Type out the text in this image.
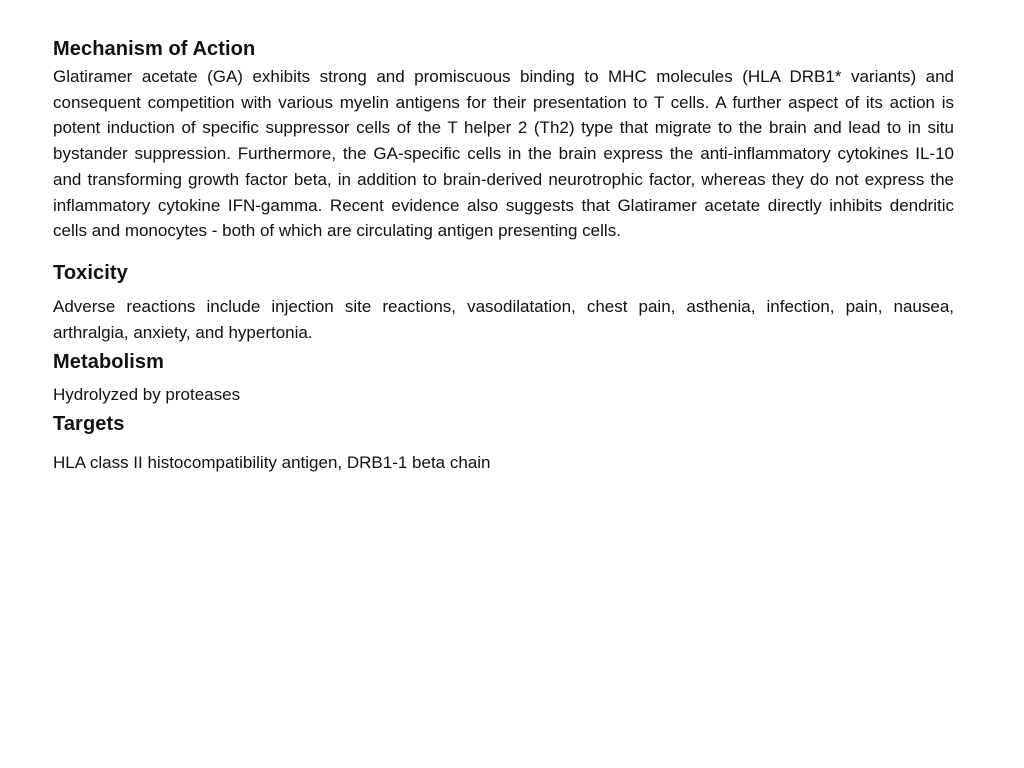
Mechanism of Action

Glatiramer acetate (GA) exhibits strong and promiscuous binding to MHC molecules (HLA DRB1* variants) and consequent competition with various myelin antigens for their presentation to T cells. A further aspect of its action is potent induction of specific suppressor cells of the T helper 2 (Th2) type that migrate to the brain and lead to in situ bystander suppression. Furthermore, the GA-specific cells in the brain express the anti-inflammatory cytokines IL-10 and transforming growth factor beta, in addition to brain-derived neurotrophic factor, whereas they do not express the inflammatory cytokine IFN-gamma. Recent evidence also suggests that Glatiramer acetate directly inhibits dendritic cells and monocytes - both of which are circulating antigen presenting cells.

Toxicity

Adverse reactions include injection site reactions, vasodilatation, chest pain, asthenia, infection, pain, nausea, arthralgia, anxiety, and hypertonia.

Metabolism

Hydrolyzed by proteases

Targets

HLA class II histocompatibility antigen, DRB1-1 beta chain
